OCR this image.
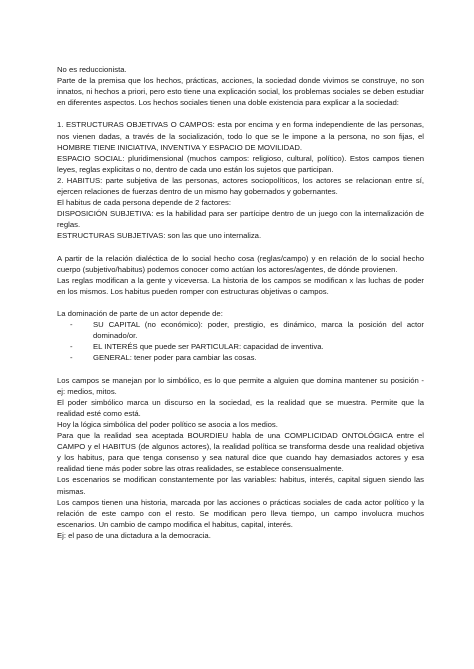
No es reduccionista.

Parte de la premisa que los hechos, prácticas, acciones, la sociedad donde vivimos se construye, no son innatos, ni hechos a priori, pero esto tiene una explicación social, los problemas sociales se deben estudiar en diferentes aspectos. Los hechos sociales tienen una doble existencia para explicar a la sociedad:

1. ESTRUCTURAS OBJETIVAS O CAMPOS: esta por encima y en forma independiente de las personas, nos vienen dadas, a través de la socialización, todo lo que se le impone a la persona, no son fijas, el HOMBRE TIENE INICIATIVA, INVENTIVA Y ESPACIO DE MOVILIDAD.

ESPACIO SOCIAL: pluridimensional (muchos campos: religioso, cultural, político). Estos campos tienen leyes, reglas explicitas o no, dentro de cada uno están los sujetos que participan.

2. HABITUS: parte subjetiva de las personas, actores sociopolíticos, los actores se relacionan entre sí, ejercen relaciones de fuerzas dentro de un mismo hay gobernados y gobernantes.

El habitus de cada persona depende de 2 factores:

DISPOSICIÓN SUBJETIVA: es la habilidad para ser partícipe dentro de un juego con la internalización de reglas.

ESTRUCTURAS SUBJETIVAS: son las que uno internaliza.

A partir de la relación dialéctica de lo social hecho cosa (reglas/campo) y en relación de lo social hecho cuerpo (subjetivo/habitus) podemos conocer como actúan los actores/agentes, de dónde provienen.

Las reglas modifican a la gente y viceversa. La historia de los campos se modifican x las luchas de poder en los mismos. Los habitus pueden romper con estructuras objetivas o campos.

La dominación de parte de un actor depende de:

-	SU CAPITAL (no económico): poder, prestigio, es dinámico, marca la posición del actor dominado/or.
-	EL INTERÉS que puede ser PARTICULAR: capacidad de inventiva.
-	GENERAL: tener poder para cambiar las cosas.

Los campos se manejan por lo simbólico, es lo que permite a alguien que domina mantener su posición - ej: medios, mitos.

El poder simbólico marca un discurso en la sociedad, es la realidad que se muestra. Permite que la realidad esté como está.

Hoy la lógica simbólica del poder político se asocia a los medios.

Para que la realidad sea aceptada BOURDIEU habla de una COMPLICIDAD ONTOLÓGICA entre el CAMPO y el HABITUS (de algunos actores), la realidad política se transforma desde una realidad objetiva y los habitus, para que tenga consenso y sea natural dice que cuando hay demasiados actores y esa realidad tiene más poder sobre las otras realidades, se establece consensualmente.

Los escenarios se modifican constantemente por las variables: habitus, interés, capital siguen siendo las mismas.

Los campos tienen una historia, marcada por las acciones o prácticas sociales de cada actor político y la relación de este campo con el resto. Se modifican pero lleva tiempo, un campo involucra muchos escenarios. Un cambio de campo modifica el habitus, capital, interés.

Ej: el paso de una dictadura a la democracia.
